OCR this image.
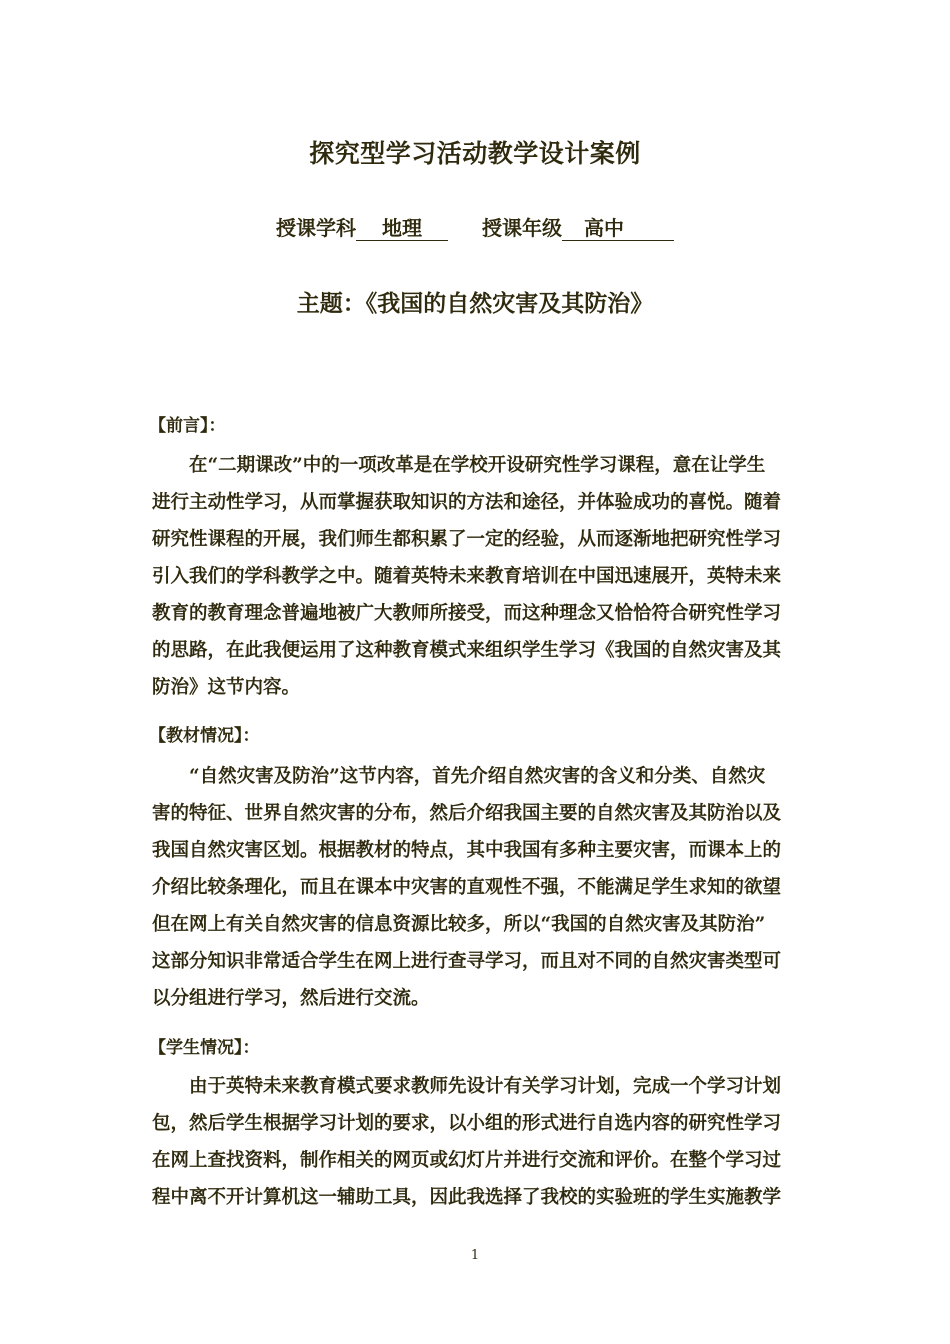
探究型学习活动教学设计案例
授课学科 地理	授课年级 高中
主题：《我国的自然灾害及其防治》
【前言】：
在“二期课改”中的一项改革是在学校开设研究性学习课程，意在让学生
进行主动性学习，从而掌握获取知识的方法和途径，并体验成功的喜悦。随着
研究性课程的开展，我们师生都积累了一定的经验，从而逐渐地把研究性学习
引入我们的学科教学之中。随着英特未来教育培训在中国迅速展开，英特未来
教育的教育理念普遍地被广大教师所接受，而这种理念又恰恰符合研究性学习
的思路，在此我便运用了这种教育模式来组织学生学习《我国的自然灾害及其
防治》这节内容。
【教材情况】：
“自然灾害及防治”这节内容，首先介绍自然灾害的含义和分类、自然灾
害的特征、世界自然灾害的分布，然后介绍我国主要的自然灾害及其防治以及
我国自然灾害区划。根据教材的特点，其中我国有多种主要灾害，而课本上的
介绍比较条理化，而且在课本中灾害的直观性不强，不能满足学生求知的欲望
但在网上有关自然灾害的信息资源比较多，所以“我国的自然灾害及其防治”
这部分知识非常适合学生在网上进行查寻学习，而且对不同的自然灾害类型可
以分组进行学习，然后进行交流。
【学生情况】：
由于英特未来教育模式要求教师先设计有关学习计划，完成一个学习计划
包，然后学生根据学习计划的要求，以小组的形式进行自选内容的研究性学习
在网上查找资料，制作相关的网页或幻灯片并进行交流和评价。在整个学习过
程中离不开计算机这一辅助工具，因此我选择了我校的实验班的学生实施教学
1
